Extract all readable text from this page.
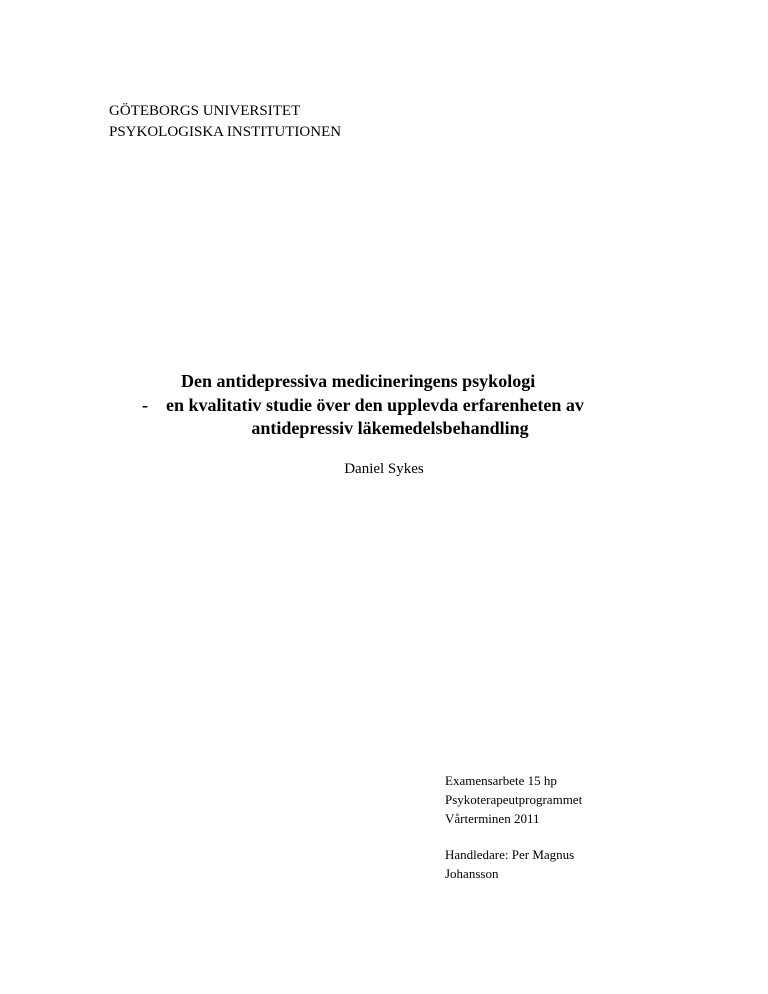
GÖTEBORGS UNIVERSITET
PSYKOLOGISKA INSTITUTIONEN
Den antidepressiva medicineringens psykologi
- en kvalitativ studie över den upplevda erfarenheten av
antidepressiv läkemedelsbehandling
Daniel Sykes
Examensarbete 15 hp
Psykoterapeutprogrammet
Vårterminen 2011
Handledare: Per Magnus
Johansson
